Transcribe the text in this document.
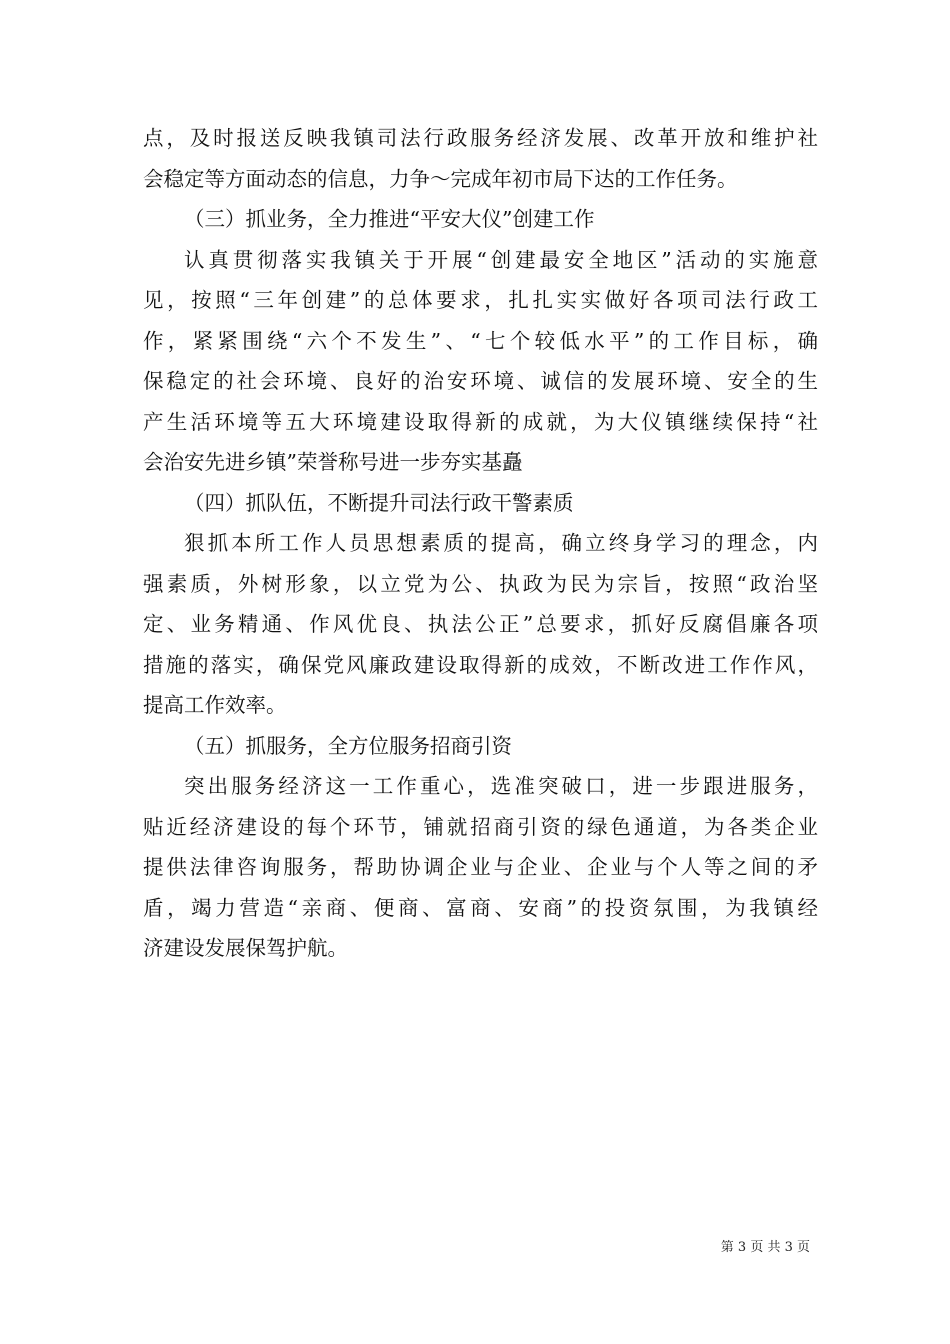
点，及时报送反映我镇司法行政服务经济发展、改革开放和维护社
会稳定等方面动态的信息，力争～完成年初市局下达的工作任务。
（三）抓业务，全力推进“平安大仪”创建工作
认真贯彻落实我镇关于开展“创建最安全地区”活动的实施意
见，按照“三年创建”的总体要求，扎扎实实做好各项司法行政工
作，紧紧围绕“六个不发生”、“七个较低水平”的工作目标，确
保稳定的社会环境、良好的治安环境、诚信的发展环境、安全的生
产生活环境等五大环境建设取得新的成就，为大仪镇继续保持“社
会治安先进乡镇”荣誉称号进一步夯实基矗
（四）抓队伍，不断提升司法行政干警素质
狠抓本所工作人员思想素质的提高，确立终身学习的理念，内
强素质，外树形象，以立党为公、执政为民为宗旨，按照“政治坚
定、业务精通、作风优良、执法公正”总要求，抓好反腐倡廉各项
措施的落实，确保党风廉政建设取得新的成效，不断改进工作作风，
提高工作效率。
（五）抓服务，全方位服务招商引资
突出服务经济这一工作重心，选准突破口，进一步跟进服务，
贴近经济建设的每个环节，铺就招商引资的绿色通道，为各类企业
提供法律咨询服务，帮助协调企业与企业、企业与个人等之间的矛
盾，竭力营造“亲商、便商、富商、安商”的投资氛围，为我镇经
济建设发展保驾护航。
第 3 页 共 3 页
